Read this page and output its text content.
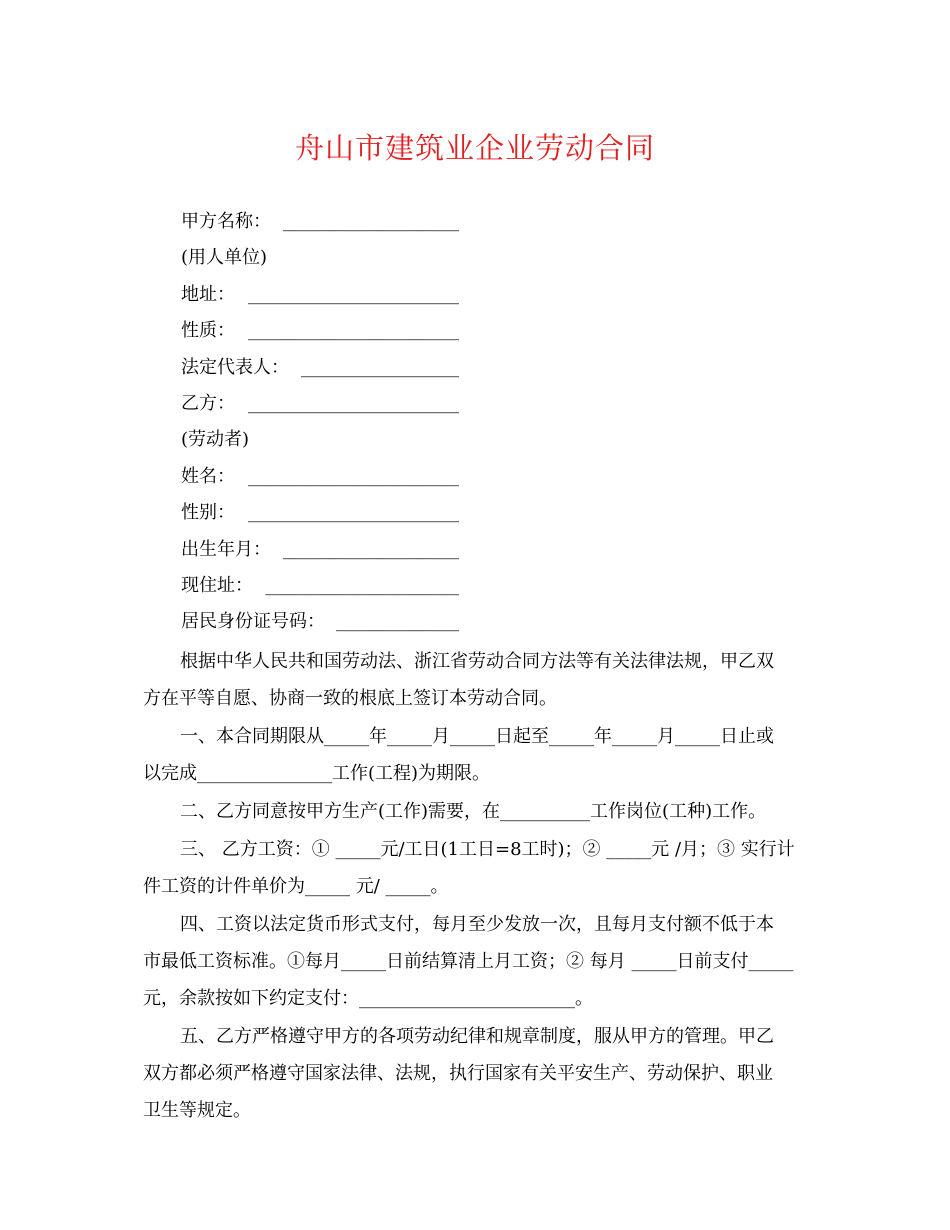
舟山市建筑业企业劳动合同
甲方名称： ____________________
(用人单位)
地址： ________________________
性质： ________________________
法定代表人： __________________
乙方： ________________________
(劳动者)
姓名： ________________________
性别： ________________________
出生年月： ____________________
现住址： ______________________
居民身份证号码： ______________
根据中华人民共和国劳动法、浙江省劳动合同方法等有关法律法规，甲乙双
方在平等自愿、协商一致的根底上签订本劳动合同。
一、本合同期限从_____年_____月_____日起至_____年_____月_____日止或
以完成_______________工作(工程)为期限。
二、乙方同意按甲方生产(工作)需要，在__________工作岗位(工种)工作。
三、 乙方工资：① _____元/工日(1工日=8工时)；② _____元 /月；③ 实行计
件工资的计件单价为_____ 元/ _____。
四、工资以法定货币形式支付，每月至少发放一次，且每月支付额不低于本
市最低工资标准。①每月_____日前结算清上月工资；② 每月 _____日前支付_____
元，余款按如下约定支付：________________________。
五、乙方严格遵守甲方的各项劳动纪律和规章制度，服从甲方的管理。甲乙
双方都必须严格遵守国家法律、法规，执行国家有关平安生产、劳动保护、职业
卫生等规定。
